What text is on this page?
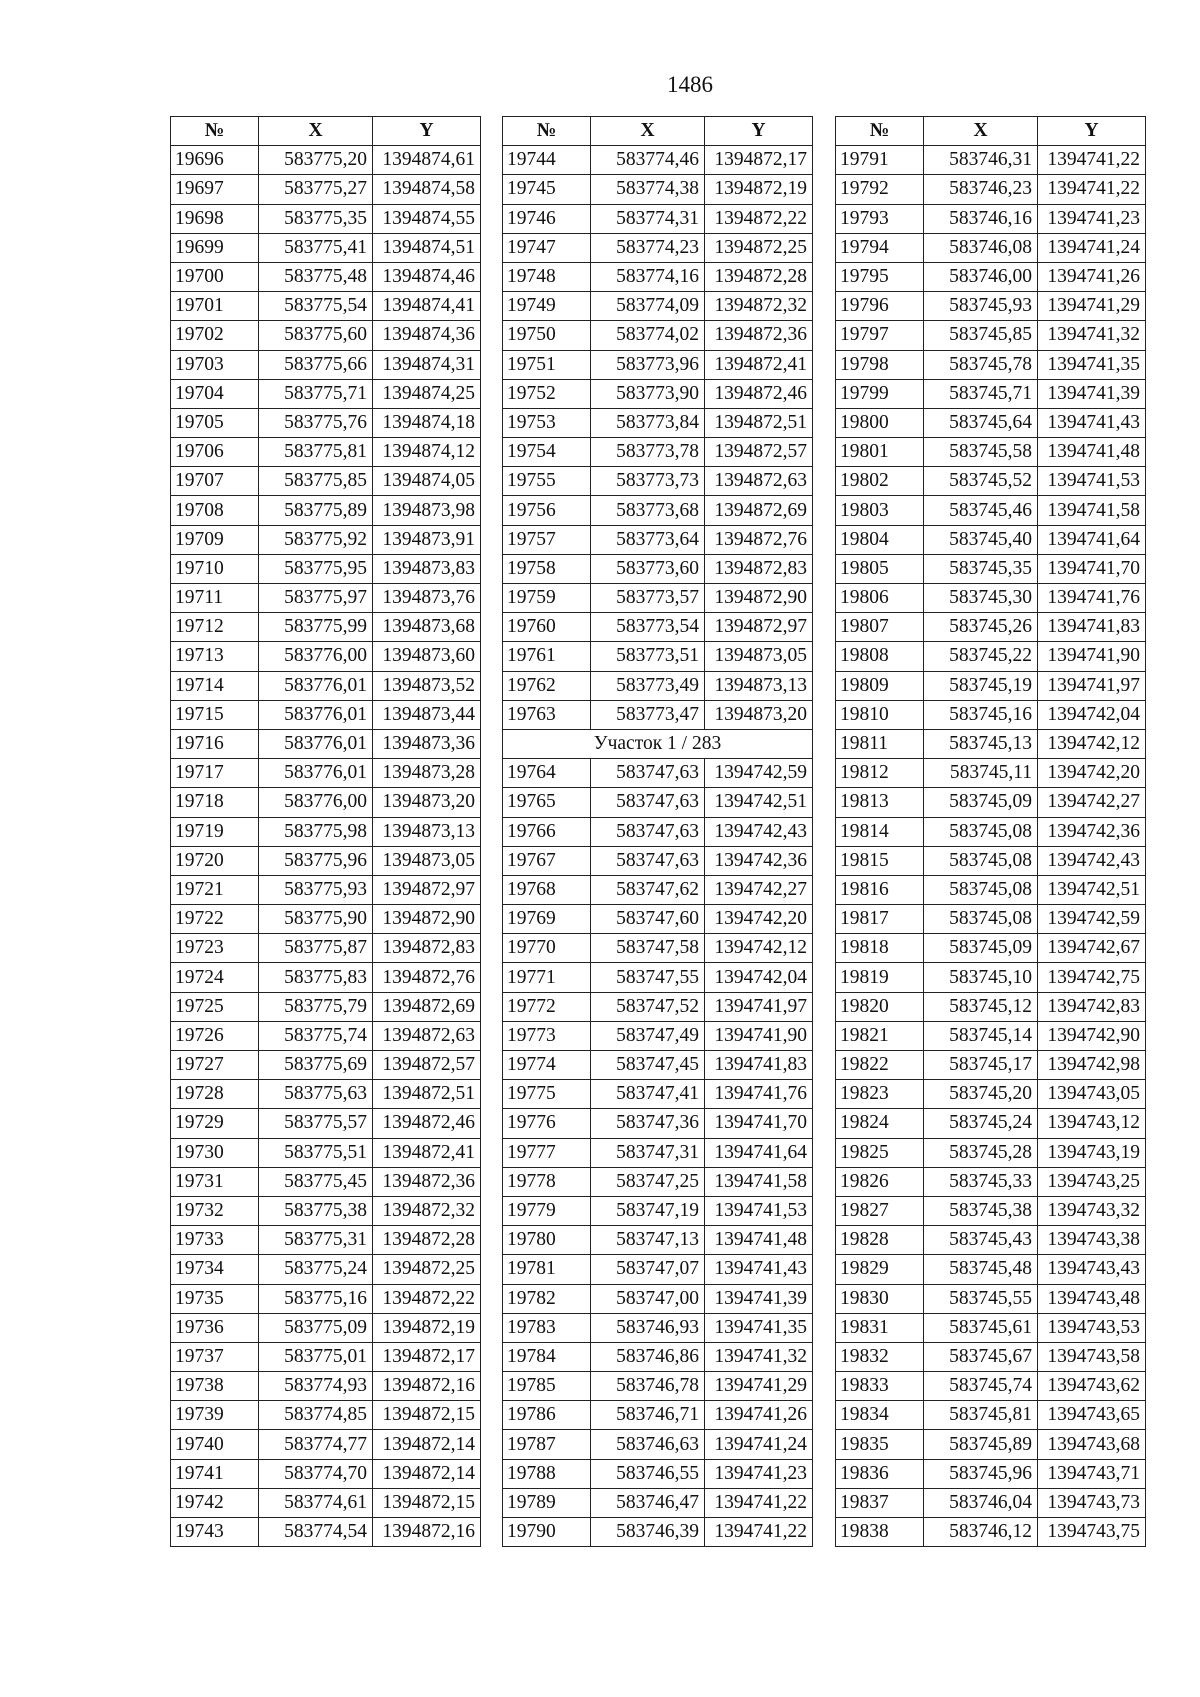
1486
№	X	Y
19696	583775,20	1394874,61
19697	583775,27	1394874,58
19698	583775,35	1394874,55
19699	583775,41	1394874,51
19700	583775,48	1394874,46
19701	583775,54	1394874,41
19702	583775,60	1394874,36
19703	583775,66	1394874,31
19704	583775,71	1394874,25
19705	583775,76	1394874,18
19706	583775,81	1394874,12
19707	583775,85	1394874,05
19708	583775,89	1394873,98
19709	583775,92	1394873,91
19710	583775,95	1394873,83
19711	583775,97	1394873,76
19712	583775,99	1394873,68
19713	583776,00	1394873,60
19714	583776,01	1394873,52
19715	583776,01	1394873,44
19716	583776,01	1394873,36
19717	583776,01	1394873,28
19718	583776,00	1394873,20
19719	583775,98	1394873,13
19720	583775,96	1394873,05
19721	583775,93	1394872,97
19722	583775,90	1394872,90
19723	583775,87	1394872,83
19724	583775,83	1394872,76
19725	583775,79	1394872,69
19726	583775,74	1394872,63
19727	583775,69	1394872,57
19728	583775,63	1394872,51
19729	583775,57	1394872,46
19730	583775,51	1394872,41
19731	583775,45	1394872,36
19732	583775,38	1394872,32
19733	583775,31	1394872,28
19734	583775,24	1394872,25
19735	583775,16	1394872,22
19736	583775,09	1394872,19
19737	583775,01	1394872,17
19738	583774,93	1394872,16
19739	583774,85	1394872,15
19740	583774,77	1394872,14
19741	583774,70	1394872,14
19742	583774,61	1394872,15
19743	583774,54	1394872,16
№	X	Y
19744	583774,46	1394872,17
19745	583774,38	1394872,19
19746	583774,31	1394872,22
19747	583774,23	1394872,25
19748	583774,16	1394872,28
19749	583774,09	1394872,32
19750	583774,02	1394872,36
19751	583773,96	1394872,41
19752	583773,90	1394872,46
19753	583773,84	1394872,51
19754	583773,78	1394872,57
19755	583773,73	1394872,63
19756	583773,68	1394872,69
19757	583773,64	1394872,76
19758	583773,60	1394872,83
19759	583773,57	1394872,90
19760	583773,54	1394872,97
19761	583773,51	1394873,05
19762	583773,49	1394873,13
19763	583773,47	1394873,20
Участок 1 / 283		
19764	583747,63	1394742,59
19765	583747,63	1394742,51
19766	583747,63	1394742,43
19767	583747,63	1394742,36
19768	583747,62	1394742,27
19769	583747,60	1394742,20
19770	583747,58	1394742,12
19771	583747,55	1394742,04
19772	583747,52	1394741,97
19773	583747,49	1394741,90
19774	583747,45	1394741,83
19775	583747,41	1394741,76
19776	583747,36	1394741,70
19777	583747,31	1394741,64
19778	583747,25	1394741,58
19779	583747,19	1394741,53
19780	583747,13	1394741,48
19781	583747,07	1394741,43
19782	583747,00	1394741,39
19783	583746,93	1394741,35
19784	583746,86	1394741,32
19785	583746,78	1394741,29
19786	583746,71	1394741,26
19787	583746,63	1394741,24
19788	583746,55	1394741,23
19789	583746,47	1394741,22
19790	583746,39	1394741,22
№	X	Y
19791	583746,31	1394741,22
19792	583746,23	1394741,22
19793	583746,16	1394741,23
19794	583746,08	1394741,24
19795	583746,00	1394741,26
19796	583745,93	1394741,29
19797	583745,85	1394741,32
19798	583745,78	1394741,35
19799	583745,71	1394741,39
19800	583745,64	1394741,43
19801	583745,58	1394741,48
19802	583745,52	1394741,53
19803	583745,46	1394741,58
19804	583745,40	1394741,64
19805	583745,35	1394741,70
19806	583745,30	1394741,76
19807	583745,26	1394741,83
19808	583745,22	1394741,90
19809	583745,19	1394741,97
19810	583745,16	1394742,04
19811	583745,13	1394742,12
19812	583745,11	1394742,20
19813	583745,09	1394742,27
19814	583745,08	1394742,36
19815	583745,08	1394742,43
19816	583745,08	1394742,51
19817	583745,08	1394742,59
19818	583745,09	1394742,67
19819	583745,10	1394742,75
19820	583745,12	1394742,83
19821	583745,14	1394742,90
19822	583745,17	1394742,98
19823	583745,20	1394743,05
19824	583745,24	1394743,12
19825	583745,28	1394743,19
19826	583745,33	1394743,25
19827	583745,38	1394743,32
19828	583745,43	1394743,38
19829	583745,48	1394743,43
19830	583745,55	1394743,48
19831	583745,61	1394743,53
19832	583745,67	1394743,58
19833	583745,74	1394743,62
19834	583745,81	1394743,65
19835	583745,89	1394743,68
19836	583745,96	1394743,71
19837	583746,04	1394743,73
19838	583746,12	1394743,75
